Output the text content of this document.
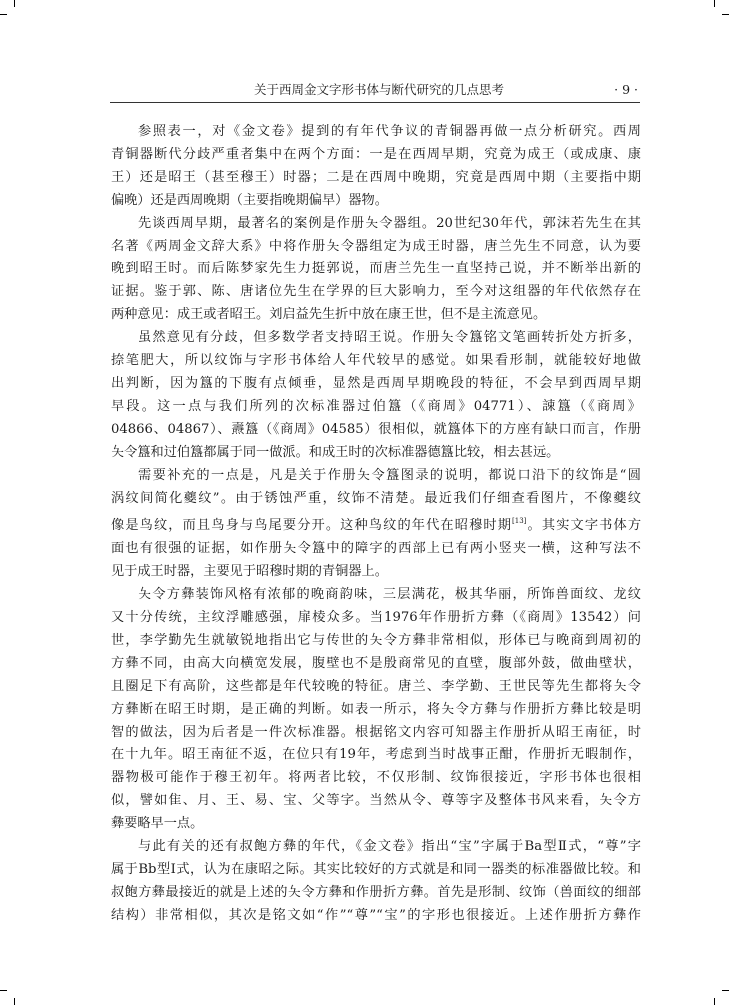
关于西周金文字形书体与断代研究的几点思考	· 9 ·
参照表一，对《金文卷》提到的有年代争议的青铜器再做一点分析研究。西周
青铜器断代分歧严重者集中在两个方面：一是在西周早期，究竟为成王（或成康、康
王）还是昭王（甚至穆王）时器；二是在西周中晚期，究竟是西周中期（主要指中期
偏晚）还是西周晚期（主要指晚期偏早）器物。
先谈西周早期，最著名的案例是作册夨令器组。20世纪30年代，郭沫若先生在其
名著《两周金文辞大系》中将作册夨令器组定为成王时器，唐兰先生不同意，认为要
晚到昭王时。而后陈梦家先生力挺郭说，而唐兰先生一直坚持己说，并不断举出新的
证据。鉴于郭、陈、唐诸位先生在学界的巨大影响力，至今对这组器的年代依然存在
两种意见：成王或者昭王。刘启益先生折中放在康王世，但不是主流意见。
虽然意见有分歧，但多数学者支持昭王说。作册夨令簋铭文笔画转折处方折多，
捺笔肥大，所以纹饰与字形书体给人年代较早的感觉。如果看形制，就能较好地做
出判断，因为簋的下腹有点倾垂，显然是西周早期晚段的特征，不会早到西周早期
早段。这一点与我们所列的次标准器过伯簋（《商周》04771）、誎簋（《商周》
04866、04867）、燾簋（《商周》04585）很相似，就簋体下的方座有缺口而言，作册
夨令簋和过伯簋都属于同一做派。和成王时的次标准器德簋比较，相去甚远。
需要补充的一点是，凡是关于作册夨令簋图录的说明，都说口沿下的纹饰是“圆
涡纹间简化夔纹”。由于锈蚀严重，纹饰不清楚。最近我们仔细查看图片，不像夔纹
像是鸟纹，而且鸟身与鸟尾要分开。这种鸟纹的年代在昭穆时期[13]。其实文字书体方
面也有很强的证据，如作册夨令簋中的障字的西部上已有两小竖夹一横，这种写法不
见于成王时器，主要见于昭穆时期的青铜器上。
夨令方彝装饰风格有浓郁的晚商韵味，三层满花，极其华丽，所饰兽面纹、龙纹
又十分传统，主纹浮雕感强，扉棱众多。当1976年作册折方彝（《商周》13542）问
世，李学勤先生就敏锐地指出它与传世的夨令方彝非常相似，形体已与晚商到周初的
方彝不同，由高大向横宽发展，腹壁也不是殷商常见的直壁，腹部外鼓，做曲壁状，
且圈足下有高阶，这些都是年代较晚的特征。唐兰、李学勤、王世民等先生都将夨令
方彝断在昭王时期，是正确的判断。如表一所示，将夨令方彝与作册折方彝比较是明
智的做法，因为后者是一件次标准器。根据铭文内容可知器主作册折从昭王南征，时
在十九年。昭王南征不返，在位只有19年，考虑到当时战事正酣，作册折无暇制作，
器物极可能作于穆王初年。将两者比较，不仅形制、纹饰很接近，字形书体也很相
似，譬如隹、月、王、易、宝、父等字。当然从令、尊等字及整体书风来看，夨令方
彝要略早一点。
与此有关的还有叔飽方彝的年代，《金文卷》指出“宝”字属于Ba型Ⅱ式，“尊”字
属于Bb型Ⅰ式，认为在康昭之际。其实比较好的方式就是和同一器类的标准器做比较。和
叔飽方彝最接近的就是上述的夨令方彝和作册折方彝。首先是形制、纹饰（兽面纹的细部
结构）非常相似，其次是铭文如“作”“尊”“宝”的字形也很接近。上述作册折方彝作
